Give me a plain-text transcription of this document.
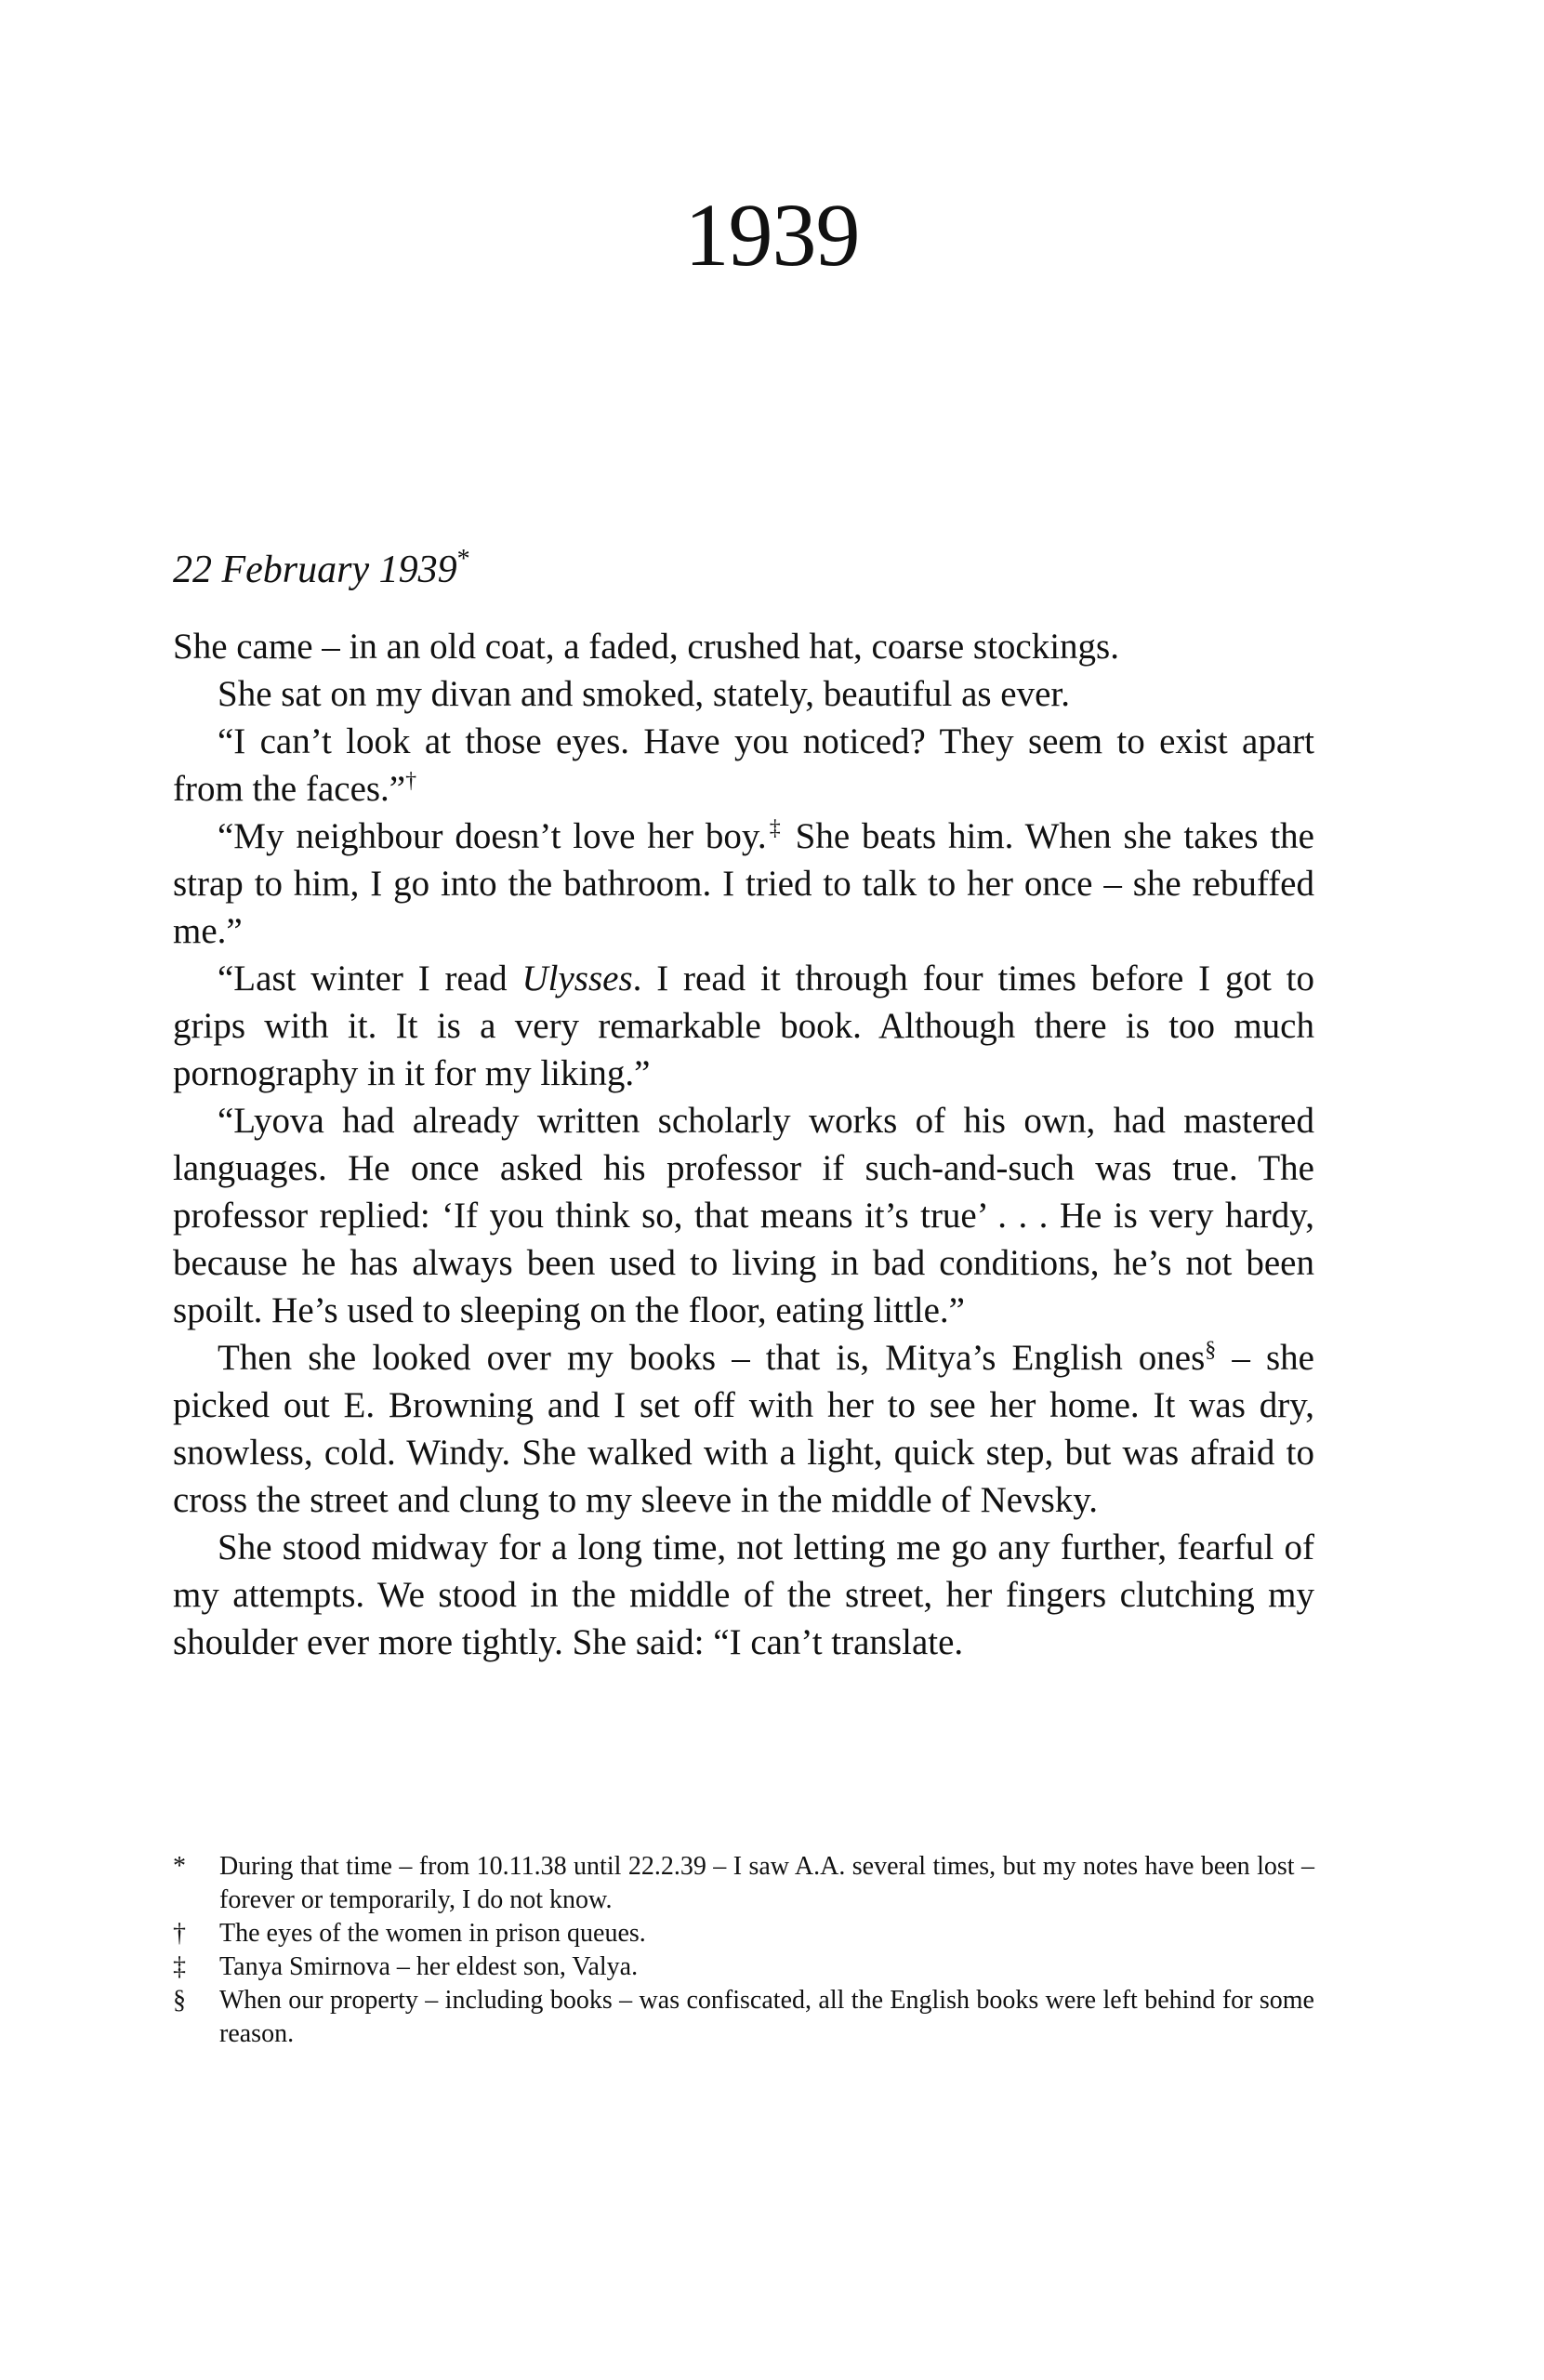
1939
22 February 1939*

She came – in an old coat, a faded, crushed hat, coarse stockings.

She sat on my divan and smoked, stately, beautiful as ever.

“I can’t look at those eyes. Have you noticed? They seem to exist apart from the faces.”†

“My neighbour doesn’t love her boy.‡ She beats him. When she takes the strap to him, I go into the bathroom. I tried to talk to her once – she rebuffed me.”

“Last winter I read Ulysses. I read it through four times before I got to grips with it. It is a very remarkable book. Although there is too much pornography in it for my liking.”

“Lyova had already written scholarly works of his own, had mastered languages. He once asked his professor if such-and-such was true. The professor replied: ‘If you think so, that means it’s true’ . . . He is very hardy, because he has always been used to living in bad conditions, he’s not been spoilt. He’s used to sleeping on the floor, eating little.”

Then she looked over my books – that is, Mitya’s English ones§ – she picked out E. Browning and I set off with her to see her home. It was dry, snowless, cold. Windy. She walked with a light, quick step, but was afraid to cross the street and clung to my sleeve in the middle of Nevsky.

She stood midway for a long time, not letting me go any further, fearful of my attempts. We stood in the middle of the street, her fingers clutching my shoulder ever more tightly. She said: “I can’t translate.

*	During that time – from 10.11.38 until 22.2.39 – I saw A.A. several times, but my notes have been lost – forever or temporarily, I do not know.

†	The eyes of the women in prison queues.

‡	Tanya Smirnova – her eldest son, Valya.

§	When our property – including books – was confiscated, all the English books were left behind for some reason.
